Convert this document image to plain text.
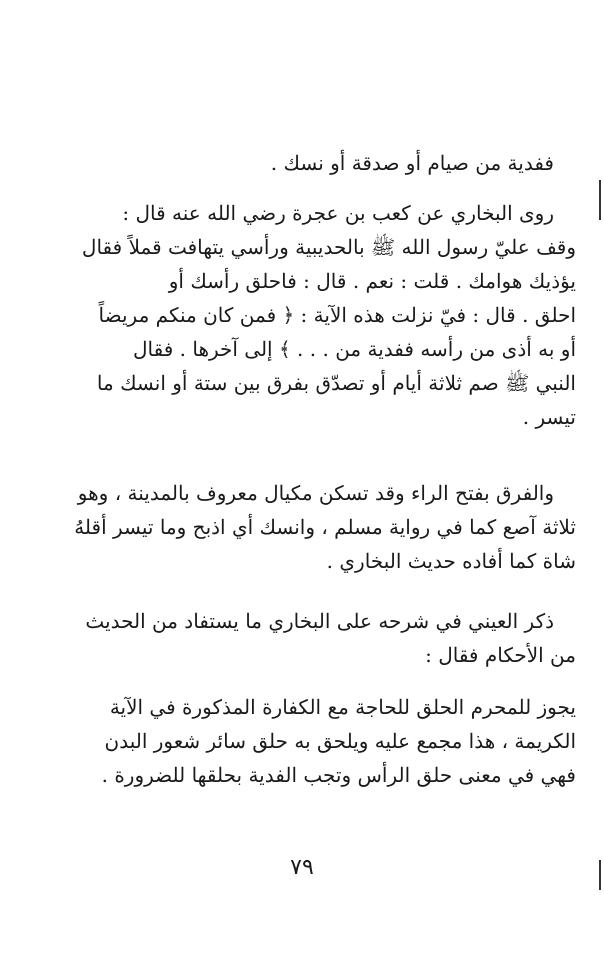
ففدية من صيام أو صدقة أو نسك .

روى البخاري عن كعب بن عجرة رضي الله عنه قال :
وقف عليّ رسول الله ﷺ بالحديبية ورأسي يتهافت قملاً فقال
يؤذيك هوامك . قلت : نعم . قال : فاحلق رأسك أو
احلق . قال : فيّ نزلت هذه الآية : ﴿ فمن كان منكم مريضاً
أو به أذى من رأسه ففدية من . . . ﴾ إلى آخرها . فقال
النبي ﷺ صم ثلاثة أيام أو تصدّق بفرق بين ستة أو انسك ما
تيسر .

والفرق بفتح الراء وقد تسكن مكيال معروف بالمدينة ، وهو
ثلاثة آصع كما في رواية مسلم ، وانسك أي اذبح وما تيسر أقلهُ
شاة كما أفاده حديث البخاري .

ذكر العيني في شرحه على البخاري ما يستفاد من الحديث
من الأحكام فقال :

يجوز للمحرم الحلق للحاجة مع الكفارة المذكورة في الآية
الكريمة ، هذا مجمع عليه ويلحق به حلق سائر شعور البدن
فهي في معنى حلق الرأس وتجب الفدية بحلقها للضرورة .

٧٩
